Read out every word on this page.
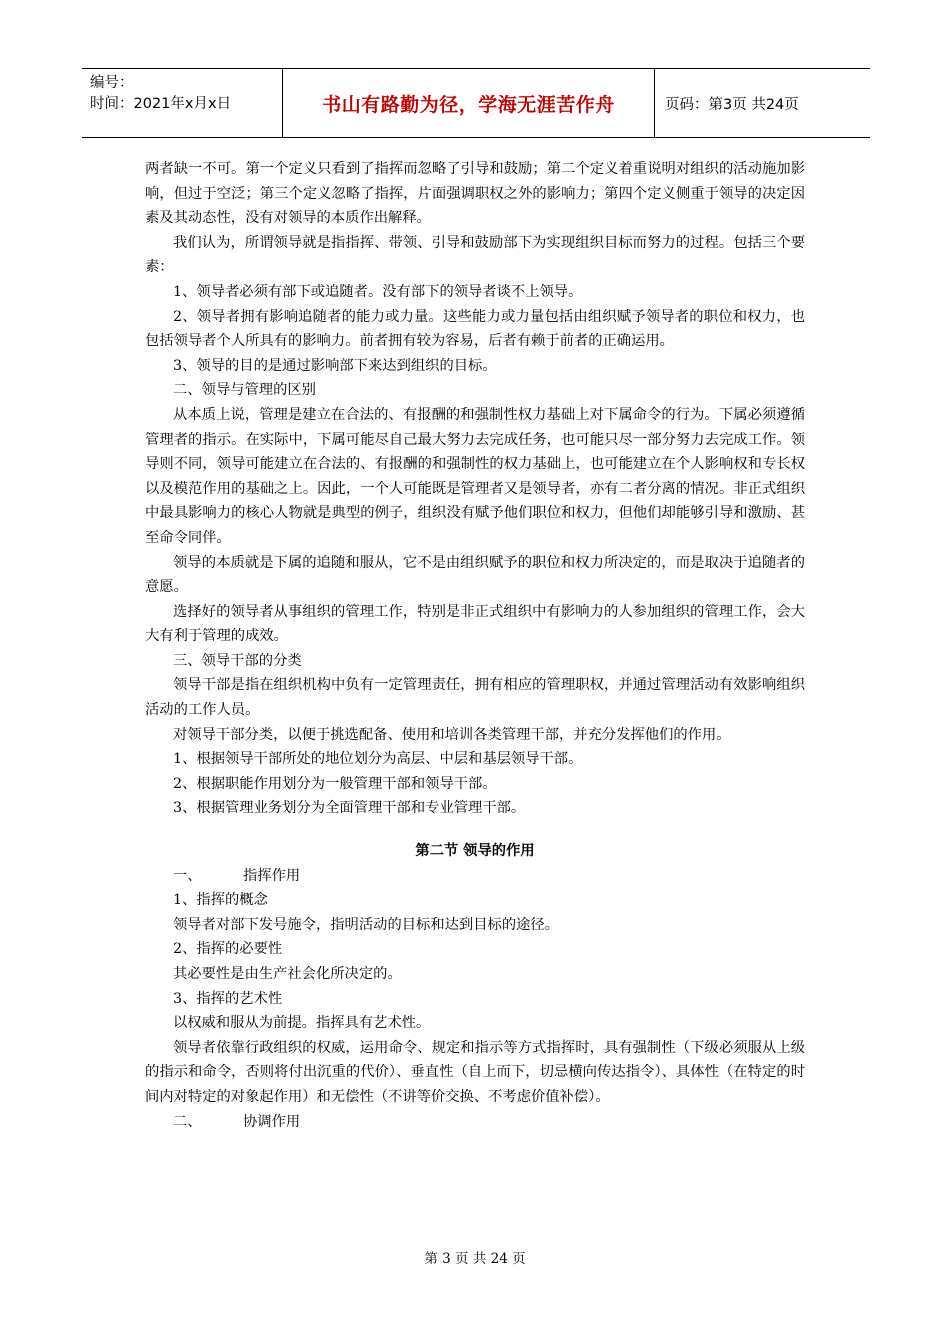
编号：
时间：2021年x月x日	书山有路勤为径，学海无涯苦作舟	页码：第3页 共24页

两者缺一不可。第一个定义只看到了指挥而忽略了引导和鼓励；第二个定义着重说明对组织的活动施加影响，但过于空泛；第三个定义忽略了指挥，片面强调职权之外的影响力；第四个定义侧重于领导的决定因素及其动态性，没有对领导的本质作出解释。

我们认为，所谓领导就是指指挥、带领、引导和鼓励部下为实现组织目标而努力的过程。包括三个要素：

1、领导者必须有部下或追随者。没有部下的领导者谈不上领导。

2、领导者拥有影响追随者的能力或力量。这些能力或力量包括由组织赋予领导者的职位和权力，也包括领导者个人所具有的影响力。前者拥有较为容易，后者有赖于前者的正确运用。

3、领导的目的是通过影响部下来达到组织的目标。

二、领导与管理的区别

从本质上说，管理是建立在合法的、有报酬的和强制性权力基础上对下属命令的行为。下属必须遵循管理者的指示。在实际中，下属可能尽自己最大努力去完成任务，也可能只尽一部分努力去完成工作。领导则不同，领导可能建立在合法的、有报酬的和强制性的权力基础上，也可能建立在个人影响权和专长权以及模范作用的基础之上。因此，一个人可能既是管理者又是领导者，亦有二者分离的情况。非正式组织中最具影响力的核心人物就是典型的例子，组织没有赋予他们职位和权力，但他们却能够引导和激励、甚至命令同伴。

领导的本质就是下属的追随和服从，它不是由组织赋予的职位和权力所决定的，而是取决于追随者的意愿。

选择好的领导者从事组织的管理工作，特别是非正式组织中有影响力的人参加组织的管理工作，会大大有利于管理的成效。

三、领导干部的分类

领导干部是指在组织机构中负有一定管理责任，拥有相应的管理职权，并通过管理活动有效影响组织活动的工作人员。

对领导干部分类，以便于挑选配备、使用和培训各类管理干部，并充分发挥他们的作用。

1、根据领导干部所处的地位划分为高层、中层和基层领导干部。

2、根据职能作用划分为一般管理干部和领导干部。

3、根据管理业务划分为全面管理干部和专业管理干部。

第二节 领导的作用

一、	指挥作用

1、指挥的概念

领导者对部下发号施令，指明活动的目标和达到目标的途径。

2、指挥的必要性

其必要性是由生产社会化所决定的。

3、指挥的艺术性

以权威和服从为前提。指挥具有艺术性。

领导者依靠行政组织的权威，运用命令、规定和指示等方式指挥时，具有强制性（下级必须服从上级的指示和命令，否则将付出沉重的代价）、垂直性（自上而下，切忌横向传达指令）、具体性（在特定的时间内对特定的对象起作用）和无偿性（不讲等价交换、不考虑价值补偿）。

二、	协调作用

第 3 页 共 24 页
